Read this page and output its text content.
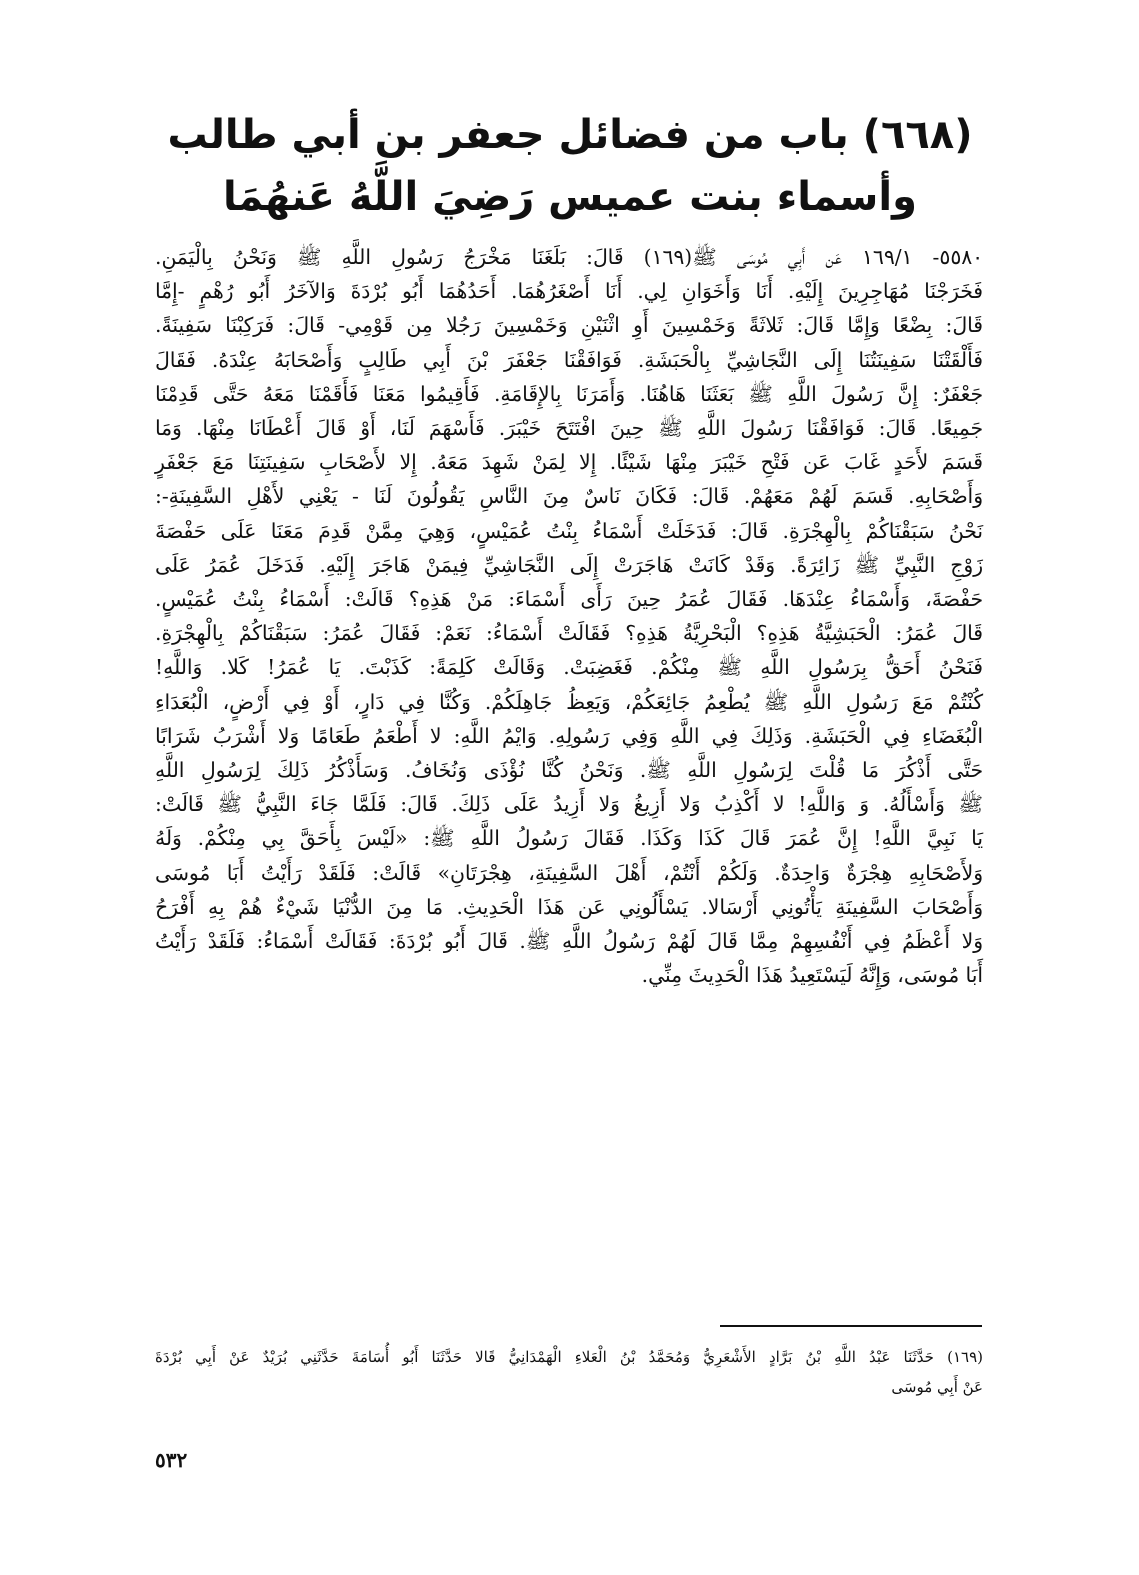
(٦٦٨) باب من فضائل جعفر بن أبي طالب
وأسماء بنت عميس رَضِيَ اللَّهُ عَنهُمَا
٥٥٨٠- ١٦٩/١ عَن أَبِي مُوسَى ﷺ(١٦٩) قَالَ: بَلَغَنَا مَخْرَجُ رَسُولِ اللَّهِ ﷺ وَنَحْنُ بِالْيَمَنِ.
فَخَرَجْنَا مُهَاجِرِينَ إِلَيْهِ. أَنَا وَأَخَوَانِ لِي. أَنَا أَصْغَرُهُمَا. أَحَدُهُمَا أَبُو بُرْدَةَ وَالآخَرُ أَبُو رُهْمٍ -إِمَّا
قَالَ: بِضْعًا وَإِمَّا قَالَ: ثَلاثَةً وَخَمْسِينَ أَوِ اثْنَيْنِ وَخَمْسِينَ رَجُلا مِن قَوْمِي- قَالَ: فَرَكِبْنَا سَفِينَةً.
فَأَلْقَتْنَا سَفِينَتُنَا إِلَى النَّجَاشِيِّ بِالْحَبَشَةِ. فَوَافَقْنَا جَعْفَرَ بْنَ أَبِي طَالِبٍ وَأَصْحَابَهُ عِنْدَهُ. فَقَالَ
جَعْفَرٌ: إِنَّ رَسُولَ اللَّهِ ﷺ بَعَثَنَا هَاهُنَا. وَأَمَرَنَا بِالإِقَامَةِ. فَأَقِيمُوا مَعَنَا فَأَقَمْنَا مَعَهُ حَتَّى قَدِمْنَا
جَمِيعًا. قَالَ: فَوَافَقْنَا رَسُولَ اللَّهِ ﷺ حِينَ افْتَتَحَ خَيْبَرَ. فَأَسْهَمَ لَنَا، أَوْ قَالَ أَعْطَانَا مِنْهَا. وَمَا
قَسَمَ لأَحَدٍ غَابَ عَن فَتْحِ خَيْبَرَ مِنْهَا شَيْئًا. إِلا لِمَنْ شَهِدَ مَعَهُ. إِلا لأَصْحَابِ سَفِينَتِنَا مَعَ جَعْفَرٍ
وَأَصْحَابِهِ. قَسَمَ لَهُمْ مَعَهُمْ. قَالَ: فَكَانَ نَاسٌ مِنَ النَّاسِ يَقُولُونَ لَنَا - يَعْنِي لأَهْلِ السَّفِينَةِ-:
نَحْنُ سَبَقْنَاكُمْ بِالْهِجْرَةِ. قَالَ: فَدَخَلَتْ أَسْمَاءُ بِنْتُ عُمَيْسٍ، وَهِيَ مِمَّنْ قَدِمَ مَعَنَا عَلَى حَفْصَةَ
زَوْجِ النَّبِيِّ ﷺ زَائِرَةً. وَقَدْ كَانَتْ هَاجَرَتْ إِلَى النَّجَاشِيِّ فِيمَنْ هَاجَرَ إِلَيْهِ. فَدَخَلَ عُمَرُ عَلَى
حَفْصَةَ، وَأَسْمَاءُ عِنْدَهَا. فَقَالَ عُمَرُ حِينَ رَأَى أَسْمَاءَ: مَنْ هَذِهِ؟ قَالَتْ: أَسْمَاءُ بِنْتُ عُمَيْسٍ.
قَالَ عُمَرُ: الْحَبَشِيَّةُ هَذِهِ؟ الْبَحْرِيَّةُ هَذِهِ؟ فَقَالَتْ أَسْمَاءُ: نَعَمْ: فَقَالَ عُمَرُ: سَبَقْنَاكُمْ بِالْهِجْرَةِ.
فَنَحْنُ أَحَقُّ بِرَسُولِ اللَّهِ ﷺ مِنْكُمْ. فَغَضِبَتْ. وَقَالَتْ كَلِمَةً: كَذَبْتَ. يَا عُمَرُ! كَلا. وَاللَّهِ!
كُنْتُمْ مَعَ رَسُولِ اللَّهِ ﷺ يُطْعِمُ جَائِعَكُمْ، وَيَعِظُ جَاهِلَكُمْ. وَكُنَّا فِي دَارٍ، أَوْ فِي أَرْضٍ، الْبُعَدَاءِ
الْبُغَضَاءِ فِي الْحَبَشَةِ. وَذَلِكَ فِي اللَّهِ وَفِي رَسُولِهِ. وَايْمُ اللَّهِ: لا أَطْعَمُ طَعَامًا وَلا أَشْرَبُ شَرَابًا
حَتَّى أَذْكُرَ مَا قُلْتَ لِرَسُولِ اللَّهِ ﷺ. وَنَحْنُ كُنَّا نُؤْذَى وَنُخَافُ. وَسَأَذْكُرُ ذَلِكَ لِرَسُولِ اللَّهِ
ﷺ وَأَسْأَلُهُ. وَ وَاللَّهِ! لا أَكْذِبُ وَلا أَزِيغُ وَلا أَزِيدُ عَلَى ذَلِكَ. قَالَ: فَلَمَّا جَاءَ النَّبِيُّ ﷺ قَالَتْ:
يَا نَبِيَّ اللَّهِ! إِنَّ عُمَرَ قَالَ كَذَا وَكَذَا. فَقَالَ رَسُولُ اللَّهِ ﷺ: «لَيْسَ بِأَحَقَّ بِي مِنْكُمْ. وَلَهُ
وَلأَصْحَابِهِ هِجْرَةٌ وَاحِدَةٌ. وَلَكُمْ أَنْتُمْ، أَهْلَ السَّفِينَةِ، هِجْرَتَانِ» قَالَتْ: فَلَقَدْ رَأَيْتُ أَبَا مُوسَى
وَأَصْحَابَ السَّفِينَةِ يَأْتُونِي أَرْسَالا. يَسْأَلُونِي عَن هَذَا الْحَدِيثِ. مَا مِنَ الدُّنْيَا شَيْءٌ هُمْ بِهِ أَفْرَحُ
وَلا أَعْظَمُ فِي أَنْفُسِهِمْ مِمَّا قَالَ لَهُمْ رَسُولُ اللَّهِ ﷺ. قَالَ أَبُو بُرْدَةَ: فَقَالَتْ أَسْمَاءُ: فَلَقَدْ رَأَيْتُ
أَبَا مُوسَى، وَإِنَّهُ لَيَسْتَعِيدُ هَذَا الْحَدِيثَ مِنِّي.
(١٦٩) حَدَّثَنَا عَبْدُ اللَّهِ بْنُ بَرَّادٍ الأَشْعَرِيُّ وَمُحَمَّدُ بْنُ الْعَلاءِ الْهَمْدَانِيُّ قَالا حَدَّثَنَا أَبُو أُسَامَةَ حَدَّثَنِي بُرَيْدٌ عَنْ أَبِي بُرْدَةَ
عَنْ أَبِي مُوسَى
٥٣٢
